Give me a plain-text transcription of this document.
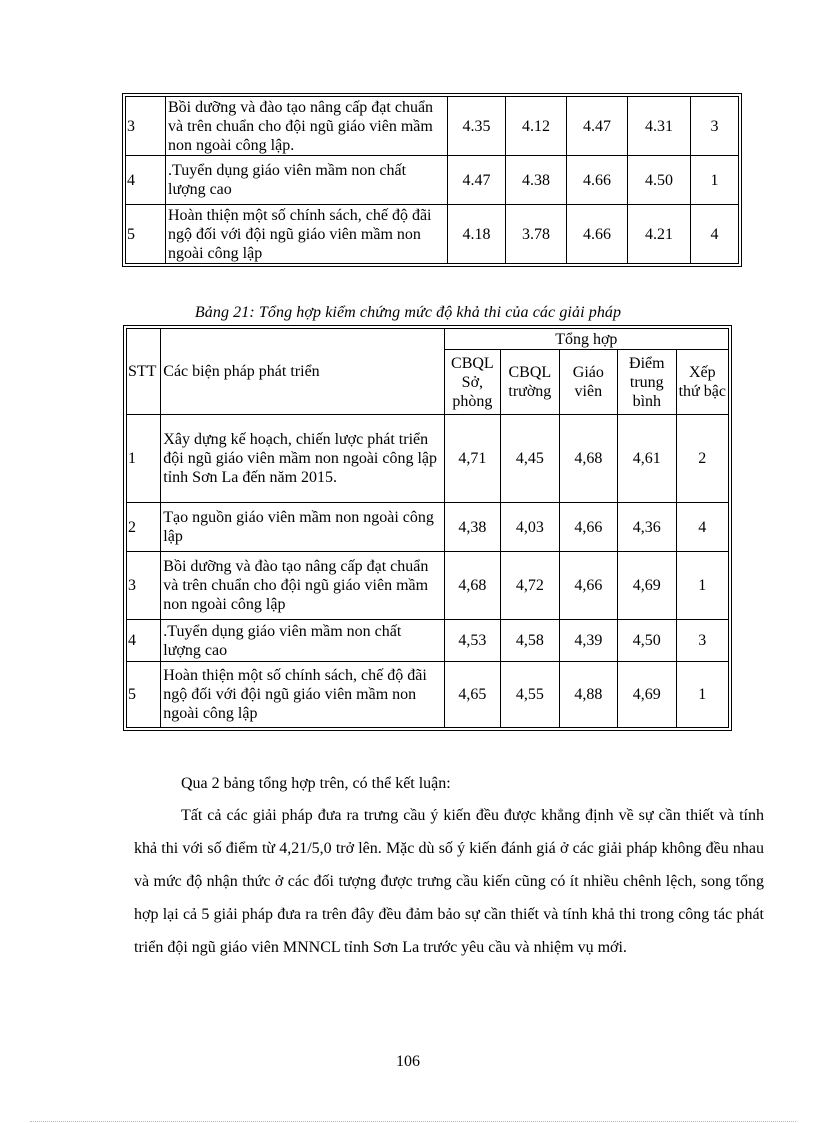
3	Bồi dưỡng và đào tạo nâng cấp đạt chuẩn và trên chuẩn cho đội ngũ giáo viên mầm non ngoài công lập.	4.35	4.12	4.47	4.31	3
4	.Tuyển dụng giáo viên mầm non chất lượng cao	4.47	4.38	4.66	4.50	1
5	Hoàn thiện một số chính sách, chế độ đãi ngộ đối với đội ngũ giáo viên mầm non ngoài công lập	4.18	3.78	4.66	4.21	4
Bảng 21: Tổng hợp kiểm chứng mức độ khả thi của các giải pháp
STT	Các biện pháp phát triển	Tổng hợp				
		CBQL Sở, phòng	CBQL trường	Giáo viên	Điểm trung bình	Xếp thứ bậc
1	Xây dựng kế hoạch, chiến lược phát triển đội ngũ giáo viên mầm non ngoài công lập tỉnh Sơn La đến năm 2015.	4,71	4,45	4,68	4,61	2
2	Tạo nguồn giáo viên mầm non ngoài công lập	4,38	4,03	4,66	4,36	4
3	Bồi dưỡng và đào tạo nâng cấp đạt chuẩn và trên chuẩn cho đội ngũ giáo viên mầm non ngoài công lập	4,68	4,72	4,66	4,69	1
4	.Tuyển dụng giáo viên mầm non chất lượng cao	4,53	4,58	4,39	4,50	3
5	Hoàn thiện một số chính sách, chế độ đãi ngộ đối với đội ngũ giáo viên mầm non ngoài công lập	4,65	4,55	4,88	4,69	1

Qua 2 bảng tổng hợp trên, có thể kết luận:

Tất cả các giải pháp đưa ra trưng cầu ý kiến đều được khẳng định về sự cần thiết và tính khả thi với số điểm từ 4,21/5,0 trở lên. Mặc dù số ý kiến đánh giá ở các giải pháp không đều nhau và mức độ nhận thức ở các đối tượng được trưng cầu kiến cũng có ít nhiều chênh lệch, song tổng hợp lại cả 5 giải pháp đưa ra trên đây đều đảm bảo sự cần thiết và tính khả thi trong công tác phát triển đội ngũ giáo viên MNNCL tỉnh Sơn La trước yêu cầu và nhiệm vụ mới.

106
